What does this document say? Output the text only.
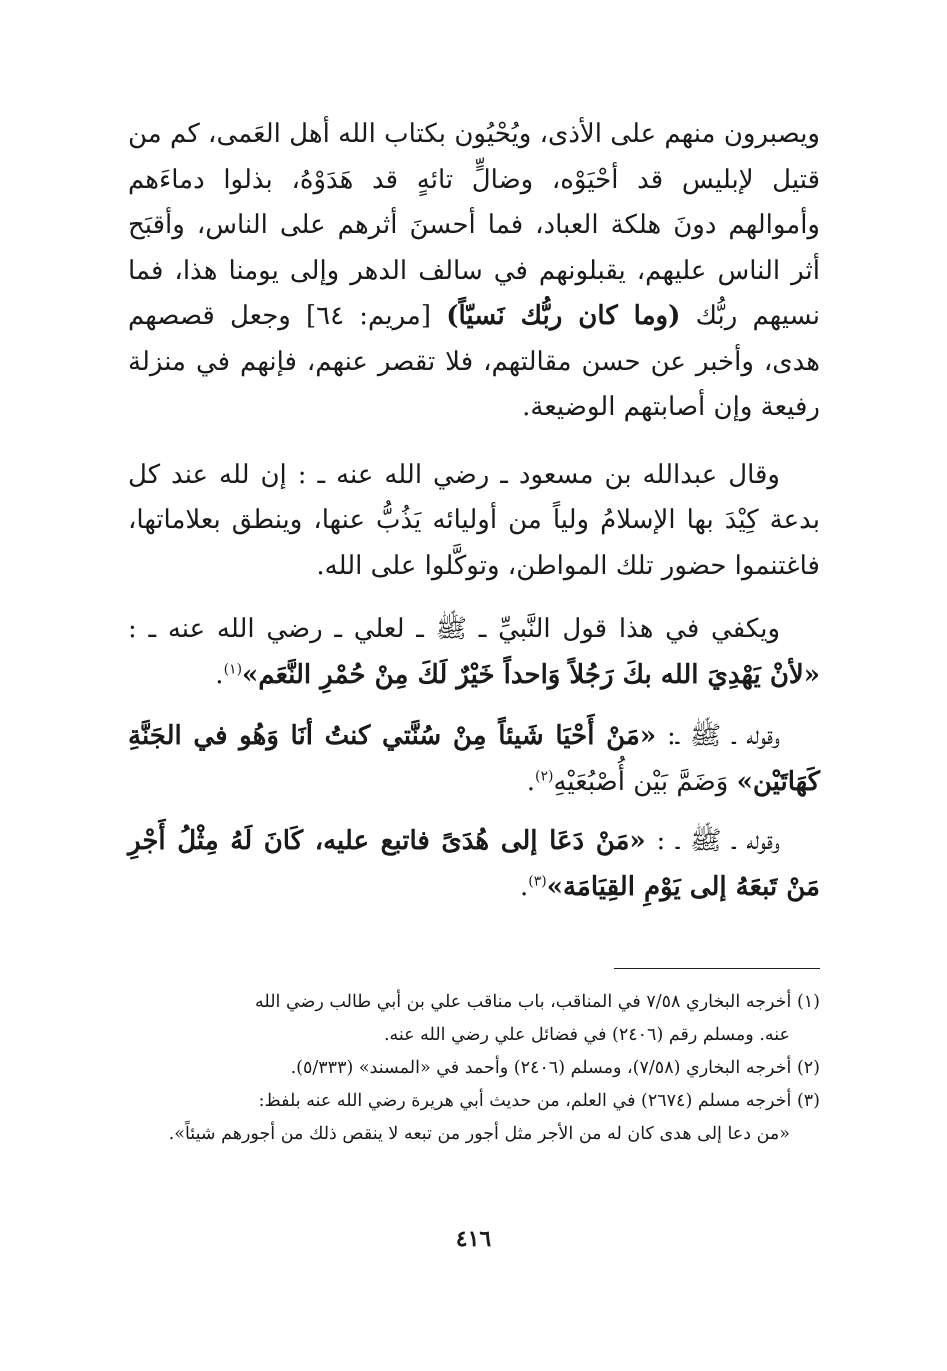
ويصبرون منهم على الأذى، ويُحْيُون بكتاب الله أهل العَمى، كم من قتيل لإبليس قد أحْيَوْه، وضالٍّ تائهٍ قد هَدَوْهُ، بذلوا دماءَهم وأموالهم دونَ هلكة العباد، فما أحسنَ أثرهم على الناس، وأقبَح أثر الناس عليهم، يقبلونهم في سالف الدهر وإلى يومنا هذا، فما نسيهم ربُّك (وما كان ربُّك نَسيّاً) [مريم: ٦٤] وجعل قصصهم هدى، وأخبر عن حسن مقالتهم، فلا تقصر عنهم، فإنهم في منزلة رفيعة وإن أصابتهم الوضيعة.

وقال عبدالله بن مسعود ـ رضي الله عنه ـ : إن لله عند كل بدعة كِيْدَ بها الإسلامُ ولياً من أوليائه يَذُبُّ عنها، وينطق بعلاماتها، فاغتنموا حضور تلك المواطن، وتوكَّلوا على الله.

ويكفي في هذا قول النَّبيِّ ـ ﷺ ـ لعلي ـ رضي الله عنه ـ : «لأنْ يَهْدِيَ الله بكَ رَجُلاً وَاحداً خَيْرٌ لَكَ مِنْ حُمْرِ النَّعَم»$^{(١)}$.

وقوله ـ ﷺ ـ: «مَنْ أَحْيَا شَيئاً مِنْ سُنَّتي كنتُ أنَا وَهُو في الجَنَّةِ كَهَاتَيْن» وَضَمَّ بَيْن أُصْبُعَيْهِ$^{(٢)}$.

وقوله ـ ﷺ ـ : «مَنْ دَعَا إلى هُدَىً فاتبع عليه، كَانَ لَهُ مِثْلُ أَجْرِ مَنْ تَبعَهُ إلى يَوْمِ القِيَامَة»$^{(٣)}$.

(١) أخرجه البخاري ٧/٥٨ في المناقب، باب مناقب علي بن أبي طالب رضي الله
عنه. ومسلم رقم (٢٤٠٦) في فضائل علي رضي الله عنه.

(٢) أخرجه البخاري (٧/٥٨)، ومسلم (٢٤٠٦) وأحمد في «المسند» (٥/٣٣٣).

(٣) أخرجه مسلم (٢٦٧٤) في العلم، من حديث أبي هريرة رضي الله عنه بلفظ:
«من دعا إلى هدى كان له من الأجر مثل أجور من تبعه لا ينقص ذلك من أجورهم شيئاً».

٤١٦
